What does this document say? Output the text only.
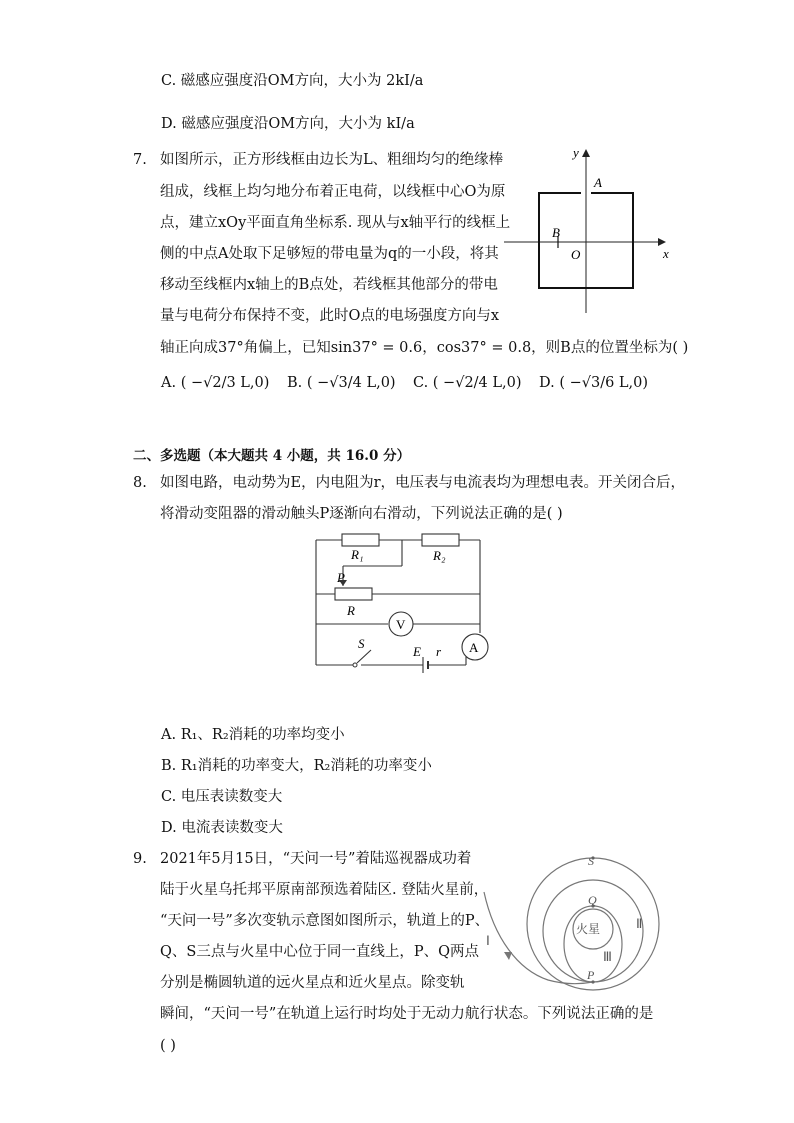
C. 磁感应强度沿OM方向，大小为 2kI/a
D. 磁感应强度沿OM方向，大小为 kI/a
7. 如图所示，正方形线框由边长为L、粗细均匀的绝缘棒
组成，线框上均匀地分布着正电荷，以线框中心O为原
点，建立xOy平面直角坐标系. 现从与x轴平行的线框上
侧的中点A处取下足够短的带电量为q的一小段，将其
移动至线框内x轴上的B点处，若线框其他部分的带电
量与电荷分布保持不变，此时O点的电场强度方向与x
轴正向成37°角偏上，已知sin37° = 0.6，cos37° = 0.8，则B点的位置坐标为( )
A. ( −√2/3 L,0) B. ( −√3/4 L,0) C. ( −√2/4 L,0) D. ( −√3/6 L,0)
y
x
A
B
O
二、多选题（本大题共 4 小题，共 16.0 分）
8. 如图电路，电动势为E，内电阻为r，电压表与电流表均为理想电表。开关闭合后，
将滑动变阻器的滑动触头P逐渐向右滑动，下列说法正确的是( )
R₁	R₂
P
R
V
A
S
E r
A. R₁、R₂消耗的功率均变小
B. R₁消耗的功率变大，R₂消耗的功率变小
C. 电压表读数变大
D. 电流表读数变大
9. 2021年5月15日，“天问一号”着陆巡视器成功着
陆于火星乌托邦平原南部预选着陆区. 登陆火星前，
“天问一号”多次变轨示意图如图所示，轨道上的P、
Q、S三点与火星中心位于同一直线上，P、Q两点
分别是椭圆轨道的远火星点和近火星点。除变轨
瞬间，“天问一号”在轨道上运行时均处于无动力航行状态。下列说法正确的是
( )
S
Q
P
火星
Ⅰ
Ⅱ
Ⅲ
